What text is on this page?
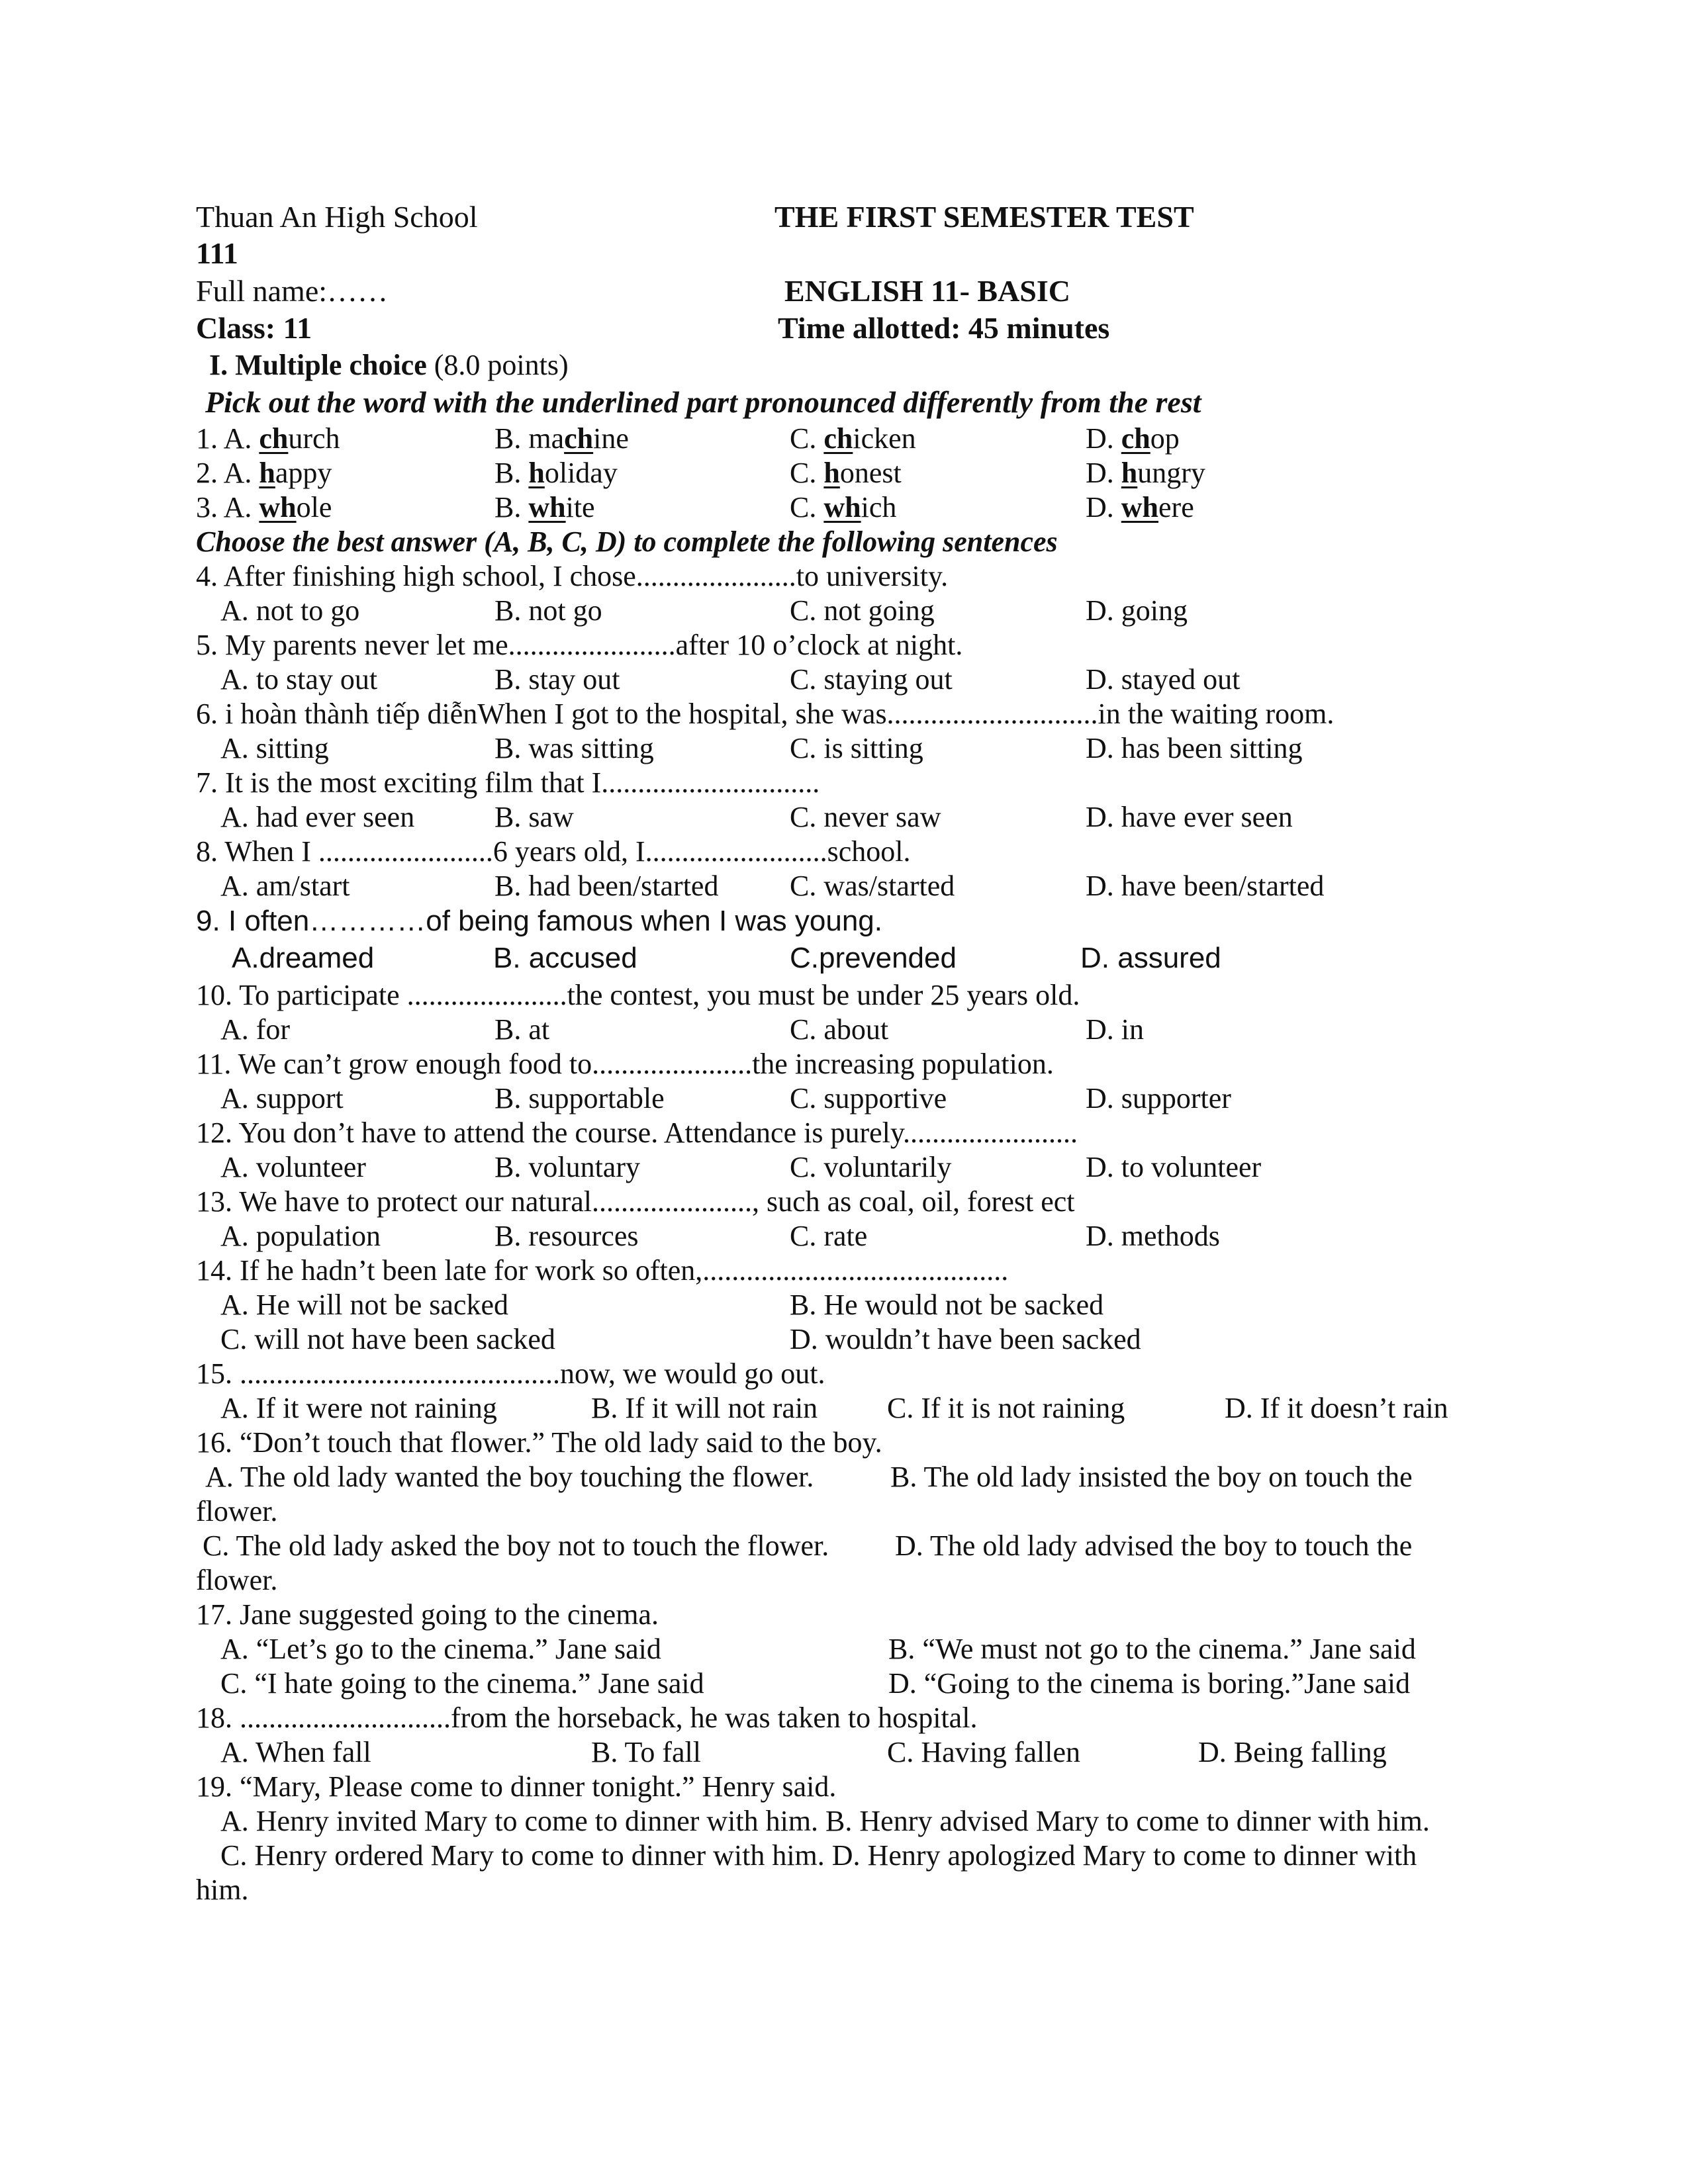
Thuan An High School	THE FIRST SEMESTER TEST
111
Full name:……	ENGLISH 11- BASIC
Class: 11	Time allotted: 45 minutes
I. Multiple choice (8.0 points)
Pick out the word with the underlined part pronounced differently from the rest
1. A. church	B. machine	C. chicken	D. chop
2. A. happy	B. holiday	C. honest	D. hungry
3. A. whole	B. white	C. which	D. where
Choose the best answer (A, B, C, D) to complete the following sentences
4. After finishing high school, I chose......................to university.
A. not to go	B. not go	C. not going	D. going
5. My parents never let me.......................after 10 o’clock at night.
A. to stay out	B. stay out	C. staying out	D. stayed out
6. i hoàn thành tiếp diễnWhen I got to the hospital, she was.............................in the waiting room.
A. sitting	B. was sitting	C. is sitting	D. has been sitting
7. It is the most exciting film that I..............................
A. had ever seen	B. saw	C. never saw	D. have ever seen
8. When I ........................6 years old, I.........................school.
A. am/start	B. had been/started C. was/started	D. have been/started
9. I often…………of being famous when I was young.
A.dreamed	B. accused	C.prevended	D. assured
10. To participate ......................the contest, you must be under 25 years old.
A. for	B. at	C. about	D. in
11. We can’t grow enough food to......................the increasing population.
A. support	B. supportable	C. supportive	D. supporter
12. You don’t have to attend the course. Attendance is purely........................
A. volunteer	B. voluntary	C. voluntarily	D. to volunteer
13. We have to protect our natural......................, such as coal, oil, forest ect
A. population	B. resources	C. rate	D. methods
14. If he hadn’t been late for work so often,..........................................
A. He will not be sacked	B. He would not be sacked
C. will not have been sacked	D. wouldn’t have been sacked
15. ............................................now, we would go out.
A. If it were not raining	B. If it will not rain C. If it is not raining	D. If it doesn’t rain
16. “Don’t touch that flower.” The old lady said to the boy.
A. The old lady wanted the boy touching the flower.	B. The old lady insisted the boy on touch the
flower.
C. The old lady asked the boy not to touch the flower. D. The old lady advised the boy to touch the
flower.
17. Jane suggested going to the cinema.
A. “Let’s go to the cinema.” Jane said	B. “We must not go to the cinema.” Jane said
C. “I hate going to the cinema.” Jane said	D. “Going to the cinema is boring.”Jane said
18. .............................from the horseback, he was taken to hospital.
A. When fall	B. To fall	C. Having fallen	D. Being falling
19. “Mary, Please come to dinner tonight.” Henry said.
A. Henry invited Mary to come to dinner with him. B. Henry advised Mary to come to dinner with him.
C. Henry ordered Mary to come to dinner with him. D. Henry apologized Mary to come to dinner with
him.
